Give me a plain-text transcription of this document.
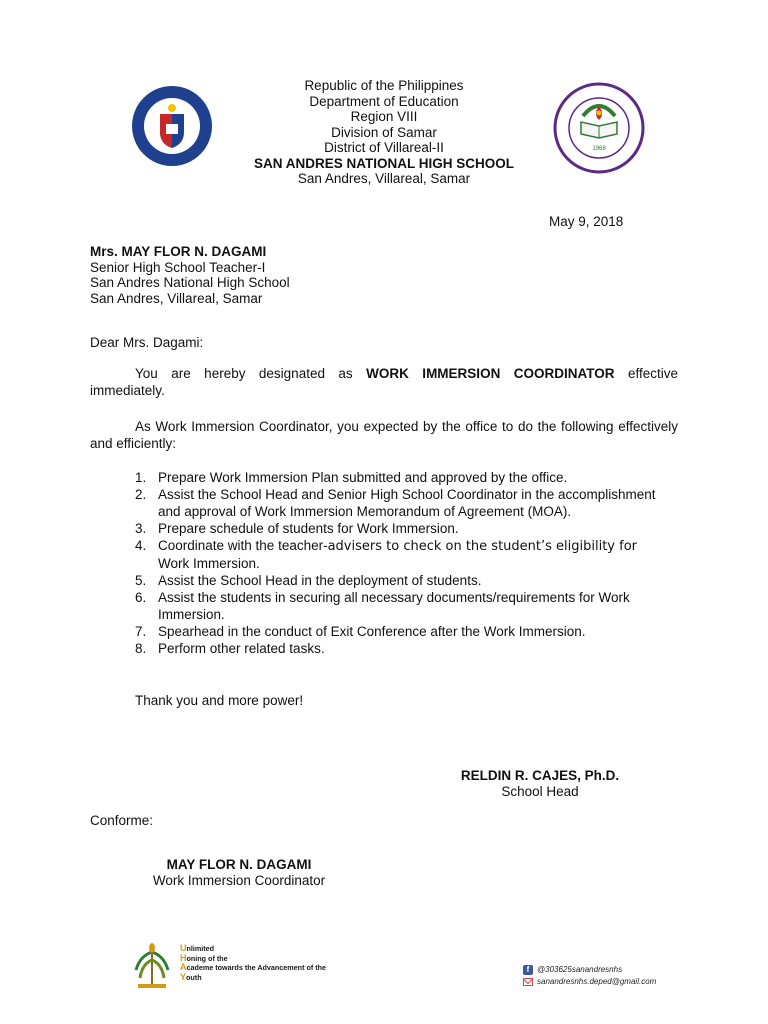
Republic of the Philippines
Department of Education
Region VIII
Division of Samar
District of Villareal-II
SAN ANDRES NATIONAL HIGH SCHOOL
San Andres, Villareal, Samar
1968
May 9, 2018
Mrs. MAY FLOR N. DAGAMI
Senior High School Teacher-I
San Andres National High School
San Andres, Villareal, Samar
Dear Mrs. Dagami:
You are hereby designated as WORK IMMERSION COORDINATOR effective immediately.
As Work Immersion Coordinator, you expected by the office to do the following effectively and efficiently:
1. Prepare Work Immersion Plan submitted and approved by the office.
2. Assist the School Head and Senior High School Coordinator in the accomplishment and approval of Work Immersion Memorandum of Agreement (MOA).
3. Prepare schedule of students for Work Immersion.
4. Coordinate with the teacher-advisers to check on the student’s eligibility for
Work Immersion.
5. Assist the School Head in the deployment of students.
6. Assist the students in securing all necessary documents/requirements for Work Immersion.
7. Spearhead in the conduct of Exit Conference after the Work Immersion.
8. Perform other related tasks.
Thank you and more power!
RELDIN R. CAJES, Ph.D.
School Head
Conforme:
MAY FLOR N. DAGAMI
Work Immersion Coordinator
Unlimited
Honing of the
Academe towards the Advancement of the
Youth
f @303625sanandresnhs
sanandresnhs.deped@gmail.com
